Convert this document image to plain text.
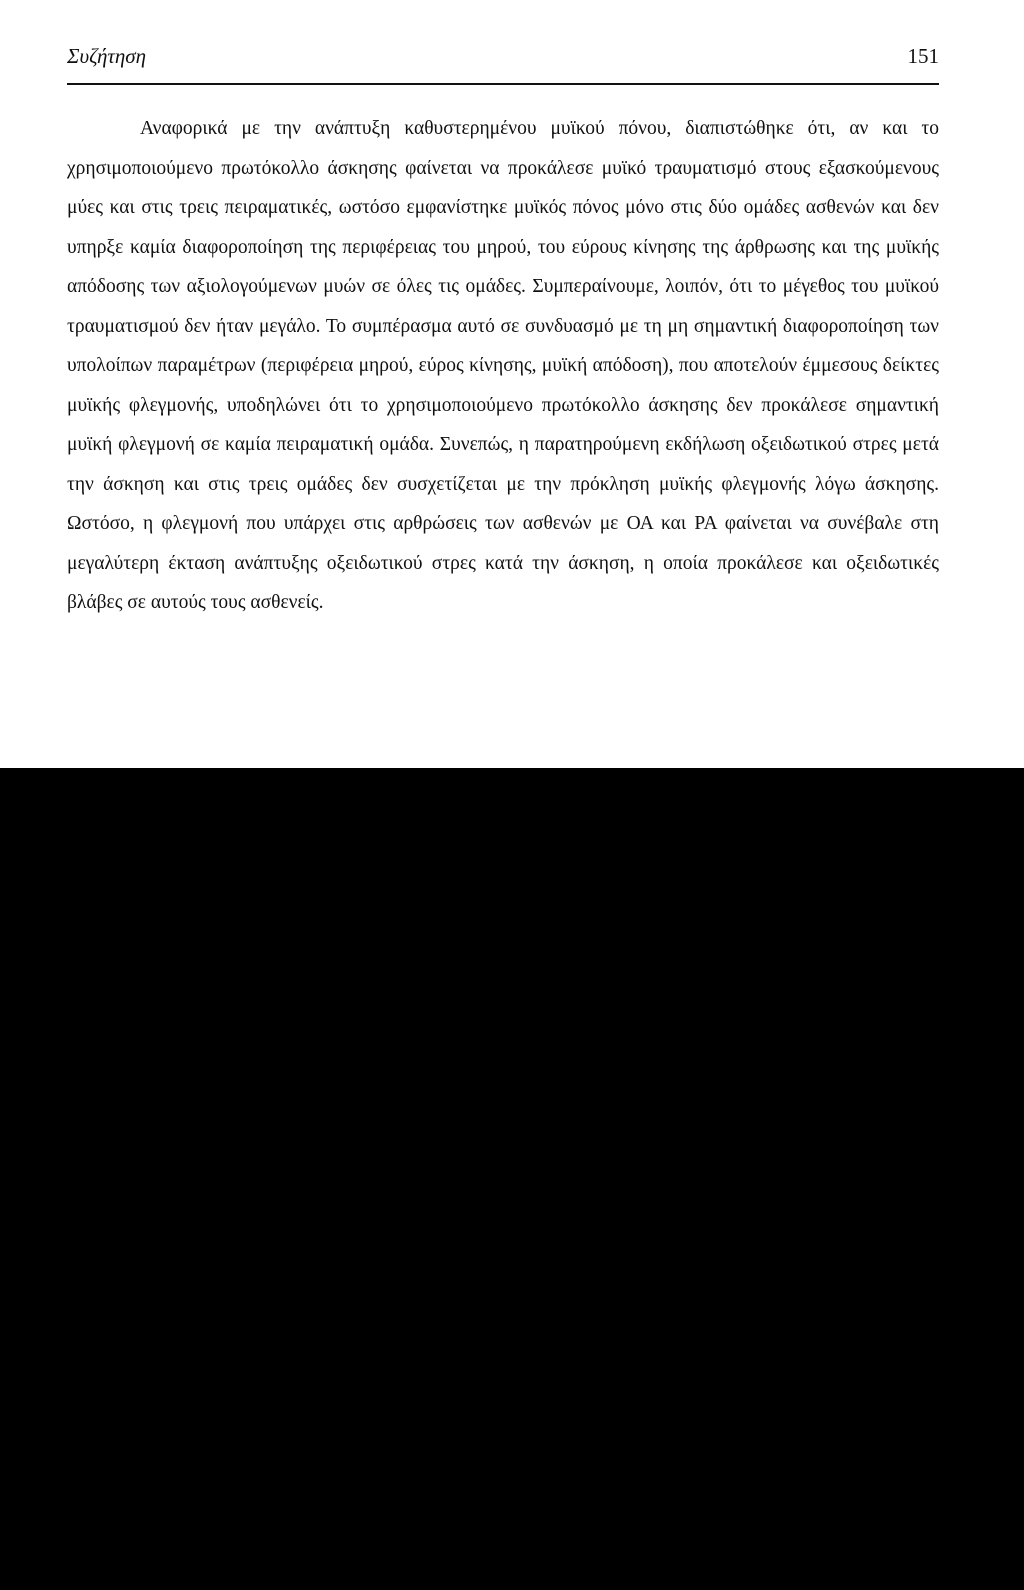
Συζήτηση	151

Αναφορικά με την ανάπτυξη καθυστερημένου μυϊκού πόνου, διαπιστώθηκε ότι, αν και το χρησιμοποιούμενο πρωτόκολλο άσκησης φαίνεται να προκάλεσε μυϊκό τραυματισμό στους εξασκούμενους μύες και στις τρεις πειραματικές, ωστόσο εμφανίστηκε μυϊκός πόνος μόνο στις δύο ομάδες ασθενών και δεν υπηρξε καμία διαφοροποίηση της περιφέρειας του μηρού, του εύρους κίνησης της άρθρωσης και της μυϊκής απόδοσης των αξιολογούμενων μυών σε όλες τις ομάδες. Συμπεραίνουμε, λοιπόν, ότι το μέγεθος του μυϊκού τραυματισμού δεν ήταν μεγάλο. Το συμπέρασμα αυτό σε συνδυασμό με τη μη σημαντική διαφοροποίηση των υπολοίπων παραμέτρων (περιφέρεια μηρού, εύρος κίνησης, μυϊκή απόδοση), που αποτελούν έμμεσους δείκτες μυϊκής φλεγμονής, υποδηλώνει ότι το χρησιμοποιούμενο πρωτόκολλο άσκησης δεν προκάλεσε σημαντική μυϊκή φλεγμονή σε καμία πειραματική ομάδα. Συνεπώς, η παρατηρούμενη εκδήλωση οξειδωτικού στρες μετά την άσκηση και στις τρεις ομάδες δεν συσχετίζεται με την πρόκληση μυϊκής φλεγμονής λόγω άσκησης. Ωστόσο, η φλεγμονή που υπάρχει στις αρθρώσεις των ασθενών με ΟΑ και ΡΑ φαίνεται να συνέβαλε στη μεγαλύτερη έκταση ανάπτυξης οξειδωτικού στρες κατά την άσκηση, η οποία προκάλεσε και οξειδωτικές βλάβες σε αυτούς τους ασθενείς.
